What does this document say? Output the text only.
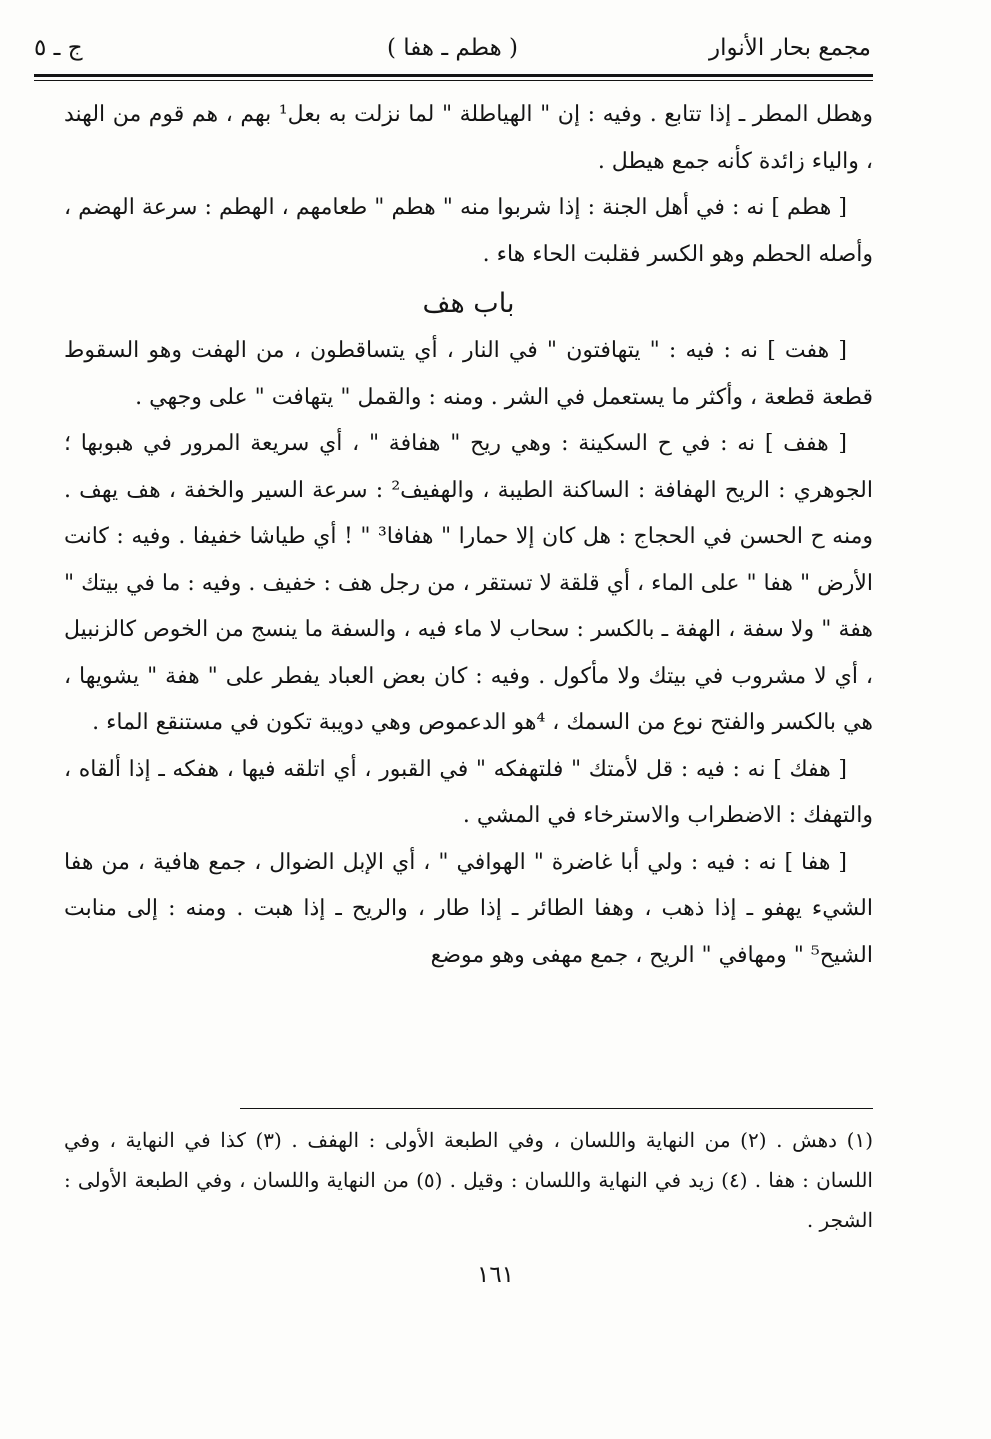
مجمع بحار الأنوار
( هطم ـ هفا )
ج ـ ٥

وهطل المطر ـ إذا تتابع . وفيه : إن " الهياطلة " لما نزلت به بعل¹ بهم ، هم قوم من الهند ، والياء زائدة كأنه جمع هيطل .

[ هطم ] نه : في أهل الجنة : إذا شربوا منه " هطم " طعامهم ، الهطم : سرعة الهضم ، وأصله الحطم وهو الكسر فقلبت الحاء هاء .

باب هف

[ هفت ] نه : فيه : " يتهافتون " في النار ، أي يتساقطون ، من الهفت وهو السقوط قطعة قطعة ، وأكثر ما يستعمل في الشر . ومنه : والقمل " يتهافت " على وجهي .

[ هفف ] نه : في ح السكينة : وهي ريح " هفافة " ، أي سريعة المرور في هبوبها ؛ الجوهري : الريح الهفافة : الساكنة الطيبة ، والهفيف² : سرعة السير والخفة ، هف يهف . ومنه ح الحسن في الحجاج : هل كان إلا حمارا " هفافا³ " ! أي طياشا خفيفا . وفيه : كانت الأرض " هفا " على الماء ، أي قلقة لا تستقر ، من رجل هف : خفيف . وفيه : ما في بيتك " هفة " ولا سفة ، الهفة ـ بالكسر : سحاب لا ماء فيه ، والسفة ما ينسج من الخوص كالزنبيل ، أي لا مشروب في بيتك ولا مأكول . وفيه : كان بعض العباد يفطر على " هفة " يشويها ، هي بالكسر والفتح نوع من السمك ، ⁴هو الدعموص وهي دويبة تكون في مستنقع الماء .

[ هفك ] نه : فيه : قل لأمتك " فلتهفكه " في القبور ، أي اتلقه فيها ، هفكه ـ إذا ألقاه ، والتهفك : الاضطراب والاسترخاء في المشي .

[ هفا ] نه : فيه : ولي أبا غاضرة " الهوافي " ، أي الإبل الضوال ، جمع هافية ، من هفا الشيء يهفو ـ إذا ذهب ، وهفا الطائر ـ إذا طار ، والريح ـ إذا هبت . ومنه : إلى منابت الشيح⁵ " ومهافي " الريح ، جمع مهفى وهو موضع

(١) دهش . (٢) من النهاية واللسان ، وفي الطبعة الأولى : الهفف . (٣) كذا في النهاية ، وفي اللسان : هفا . (٤) زيد في النهاية واللسان : وقيل . (٥) من النهاية واللسان ، وفي الطبعة الأولى : الشجر .

١٦١
